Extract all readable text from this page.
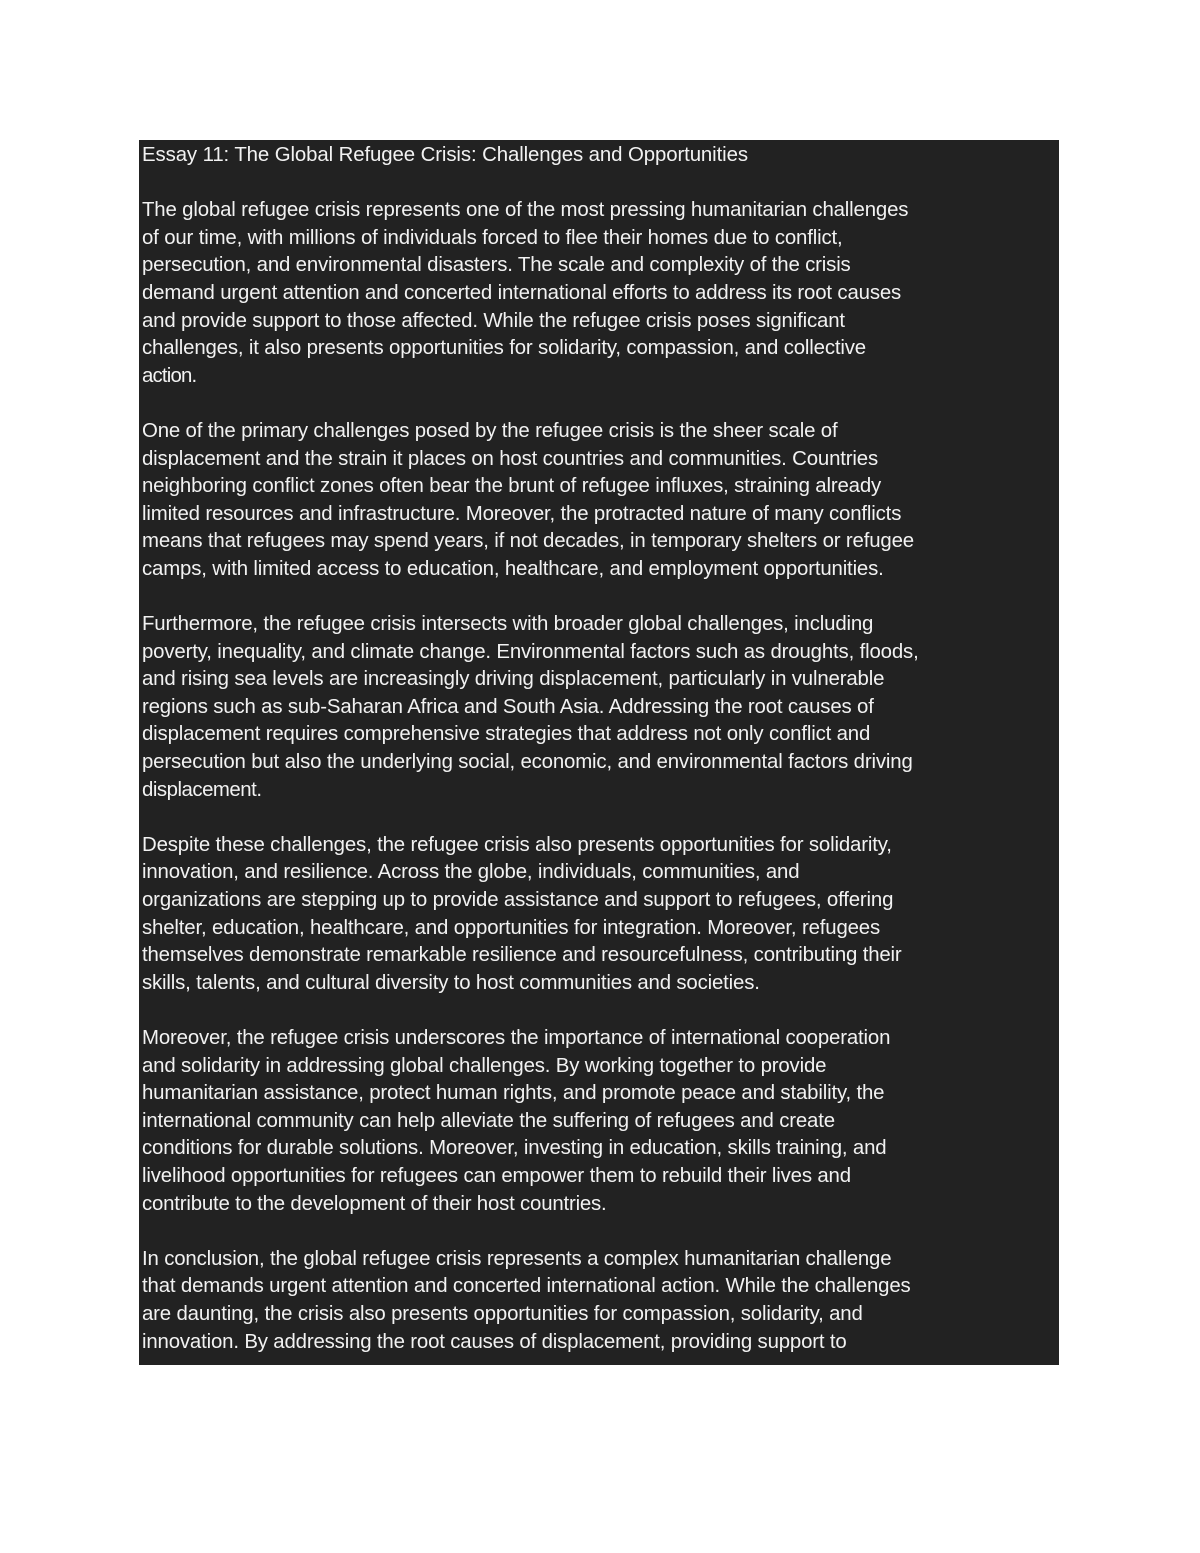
Essay 11: The Global Refugee Crisis: Challenges and Opportunities
The global refugee crisis represents one of the most pressing humanitarian challenges
of our time, with millions of individuals forced to flee their homes due to conflict,
persecution, and environmental disasters. The scale and complexity of the crisis
demand urgent attention and concerted international efforts to address its root causes
and provide support to those affected. While the refugee crisis poses significant
challenges, it also presents opportunities for solidarity, compassion, and collective
action.
One of the primary challenges posed by the refugee crisis is the sheer scale of
displacement and the strain it places on host countries and communities. Countries
neighboring conflict zones often bear the brunt of refugee influxes, straining already
limited resources and infrastructure. Moreover, the protracted nature of many conflicts
means that refugees may spend years, if not decades, in temporary shelters or refugee
camps, with limited access to education, healthcare, and employment opportunities.
Furthermore, the refugee crisis intersects with broader global challenges, including
poverty, inequality, and climate change. Environmental factors such as droughts, floods,
and rising sea levels are increasingly driving displacement, particularly in vulnerable
regions such as sub-Saharan Africa and South Asia. Addressing the root causes of
displacement requires comprehensive strategies that address not only conflict and
persecution but also the underlying social, economic, and environmental factors driving
displacement.
Despite these challenges, the refugee crisis also presents opportunities for solidarity,
innovation, and resilience. Across the globe, individuals, communities, and
organizations are stepping up to provide assistance and support to refugees, offering
shelter, education, healthcare, and opportunities for integration. Moreover, refugees
themselves demonstrate remarkable resilience and resourcefulness, contributing their
skills, talents, and cultural diversity to host communities and societies.
Moreover, the refugee crisis underscores the importance of international cooperation
and solidarity in addressing global challenges. By working together to provide
humanitarian assistance, protect human rights, and promote peace and stability, the
international community can help alleviate the suffering of refugees and create
conditions for durable solutions. Moreover, investing in education, skills training, and
livelihood opportunities for refugees can empower them to rebuild their lives and
contribute to the development of their host countries.
In conclusion, the global refugee crisis represents a complex humanitarian challenge
that demands urgent attention and concerted international action. While the challenges
are daunting, the crisis also presents opportunities for compassion, solidarity, and
innovation. By addressing the root causes of displacement, providing support to
